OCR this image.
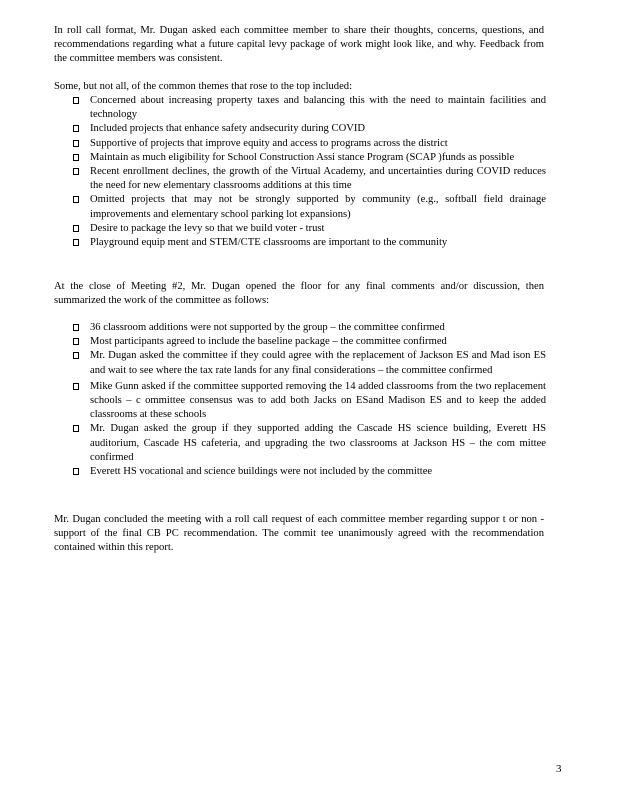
In roll call format, Mr. Dugan asked each committee member to share their thoughts, concerns, questions, and recommendations regarding what a future capital levy package of work might look like, and why. Feedback from the committee members was consistent.

Some, but not all, of the common themes that rose to the top included:

Concerned about increasing property taxes and balancing this with the need to maintain facilities and technology
Included projects that enhance safety andsecurity during COVID
Supportive of projects that improve equity and access to programs across the district
Maintain as much eligibility for School Construction Assi stance Program (SCAP )funds as possible
Recent enrollment declines, the growth of the Virtual Academy, and uncertainties during COVID reduces the need for new elementary classrooms additions at this time
Omitted projects that may not be strongly supported by community (e.g., softball field drainage improvements and elementary school parking lot expansions)
Desire to package the levy so that we build voter - trust
Playground equip ment and STEM/CTE classrooms are important to the community

At the close of Meeting #2, Mr. Dugan opened the floor for any final comments and/or discussion, then summarized the work of the committee as follows:

36 classroom additions were not supported by the group – the committee confirmed
Most participants agreed to include the baseline package – the committee confirmed
Mr. Dugan asked the committee if they could agree with the replacement of Jackson ES and Mad ison ES and wait to see where the tax rate lands for any final considerations – the committee confirmed
Mike Gunn asked if the committee supported removing the 14 added classrooms from the two replacement schools – c ommittee consensus was to add both Jacks on ESand Madison ES and to keep the added classrooms at these schools
Mr. Dugan asked the group if they supported adding the Cascade HS science building, Everett HS auditorium, Cascade HS cafeteria, and upgrading the two classrooms at Jackson HS – the com mittee confirmed
Everett HS vocational and science buildings were not included by the committee

Mr. Dugan concluded the meeting with a roll call request of each committee member regarding suppor t or non - support of the final CB PC recommendation. The commit tee unanimously agreed with the recommendation contained within this report.

3
